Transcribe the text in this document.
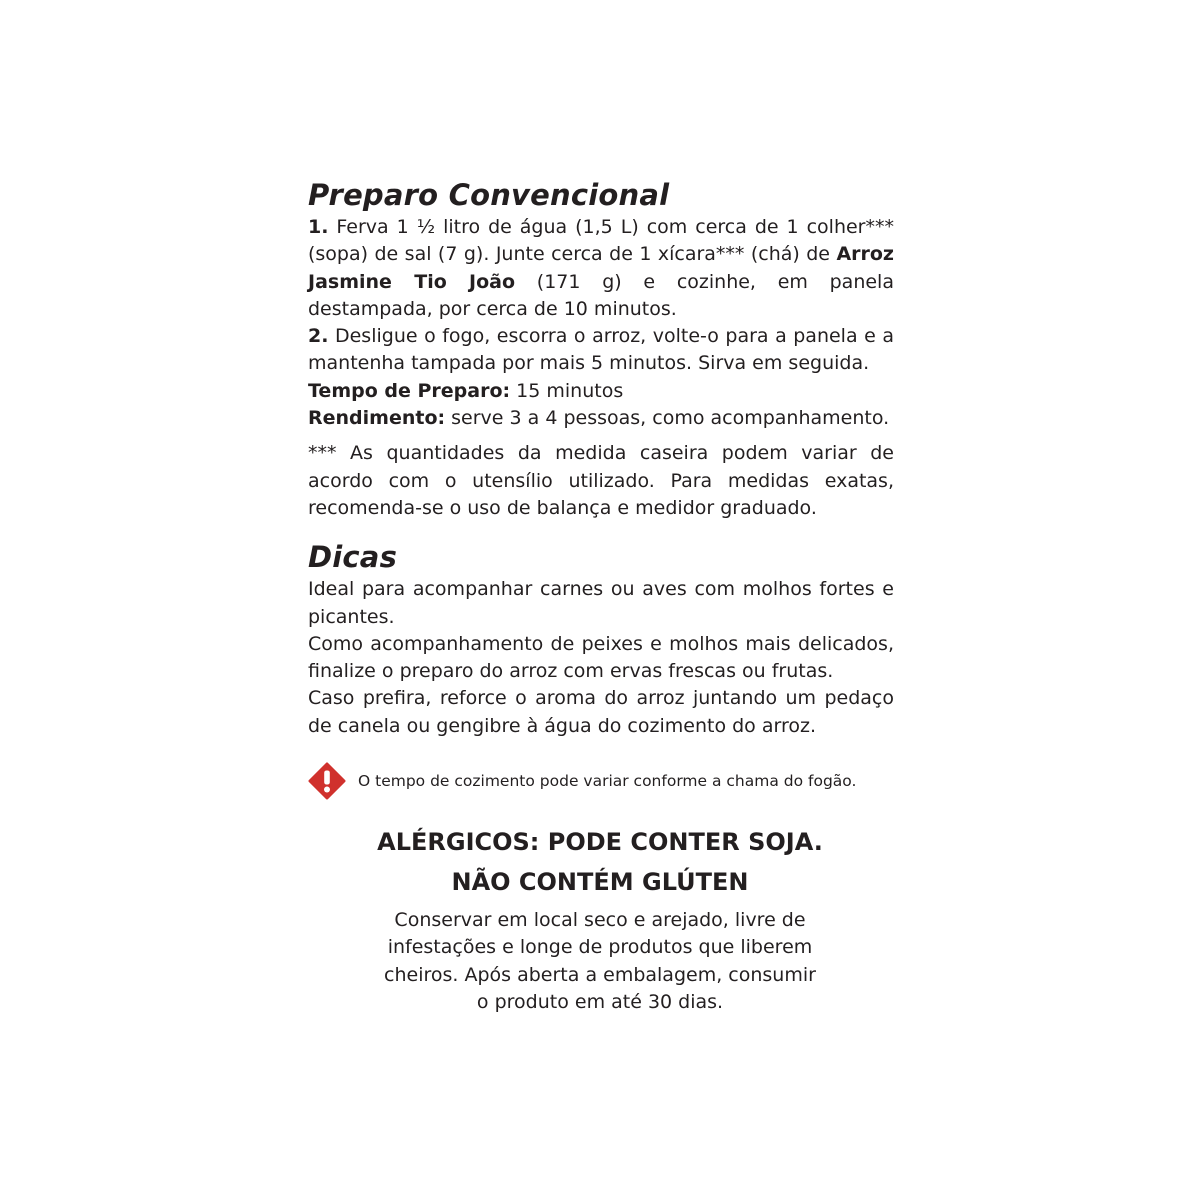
Preparo Convencional

1. Ferva 1 ½ litro de água (1,5 L) com cerca de 1 colher*** (sopa) de sal (7 g). Junte cerca de 1 xícara*** (chá) de Arroz Jasmine Tio João (171 g) e cozinhe, em panela destampada, por cerca de 10 minutos.

2. Desligue o fogo, escorra o arroz, volte-o para a panela e a mantenha tampada por mais 5 minutos. Sirva em seguida.

Tempo de Preparo: 15 minutos

Rendimento: serve 3 a 4 pessoas, como acompanhamento.

*** As quantidades da medida caseira podem variar de acordo com o utensílio utilizado. Para medidas exatas, recomenda-se o uso de balança e medidor graduado.

Dicas

Ideal para acompanhar carnes ou aves com molhos fortes e picantes.

Como acompanhamento de peixes e molhos mais delicados, finalize o preparo do arroz com ervas frescas ou frutas.

Caso prefira, reforce o aroma do arroz juntando um pedaço de canela ou gengibre à água do cozimento do arroz.

O tempo de cozimento pode variar conforme a chama do fogão.

ALÉRGICOS: PODE CONTER SOJA.

NÃO CONTÉM GLÚTEN

Conservar em local seco e arejado, livre de

infestações e longe de produtos que liberem

cheiros. Após aberta a embalagem, consumir

o produto em até 30 dias.
